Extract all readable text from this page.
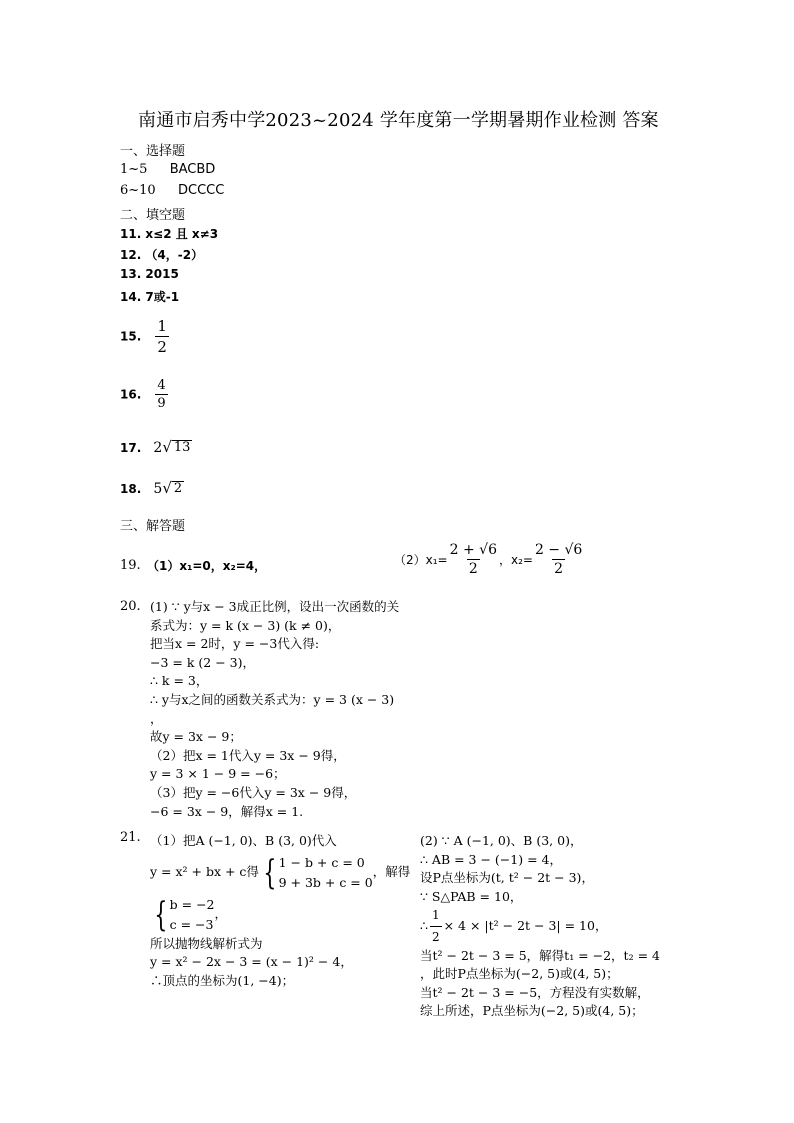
南通市启秀中学2023~2024 学年度第一学期暑期作业检测 答案
一、选择题
1~5 BACBD
6~10 DCCCC
二、填空题
11. x≤2 且 x≠3
12. （4，-2）
13. 2015
14. 7或-1
15. $\frac{1}{2}$
16. $\frac{4}{9}$
17. 2 √ 13
18. 5 √ 2
三、解答题
19. （1）x₁=0，x₂=4，	$(2)x_1= \frac{2 + √6}{2}$ ，$x_2= \frac{2 - √6}{2}$
20. (1) ∵ y与x − 3成正比例，设出一次函数的关
系式为：y = k (x − 3) (k ≠ 0)，
把当x = 2时，y = −3代入得:
−3 = k (2 − 3)，
∴ k = 3，
∴ y与x之间的函数关系式为：y = 3 (x − 3)
，
故y = 3x − 9；
（2）把x = 1代入y = 3x − 9得，
y = 3 × 1 − 9 = −6；
（3）把y = −6代入y = 3x − 9得，
−6 = 3x − 9，解得x = 1.
21. （1）把A (−1, 0)、B (3, 0)代入
y = x² + bx + c得 { 1 − b + c = 0
9 + 3b + c = 0
，解得
{ b = −2
c = −3
，
所以抛物线解析式为
y = x² − 2x − 3 = (x − 1)² − 4，
∴顶点的坐标为(1, −4)；
(2) ∵ A (−1, 0)、B (3, 0)，
∴ AB = 3 − (−1) = 4，
设P点坐标为(t, t² − 2t − 3)，
∵ S△PAB = 10，
∴ $\frac{1}{2} \times 4 \times |t^2 - 2t - 3| = 10$，
当t² − 2t − 3 = 5，解得t₁ = −2，t₂ = 4
，此时P点坐标为(−2, 5)或(4, 5)；
当t² − 2t − 3 = −5，方程没有实数解，
综上所述，P点坐标为(−2, 5)或(4, 5)；
